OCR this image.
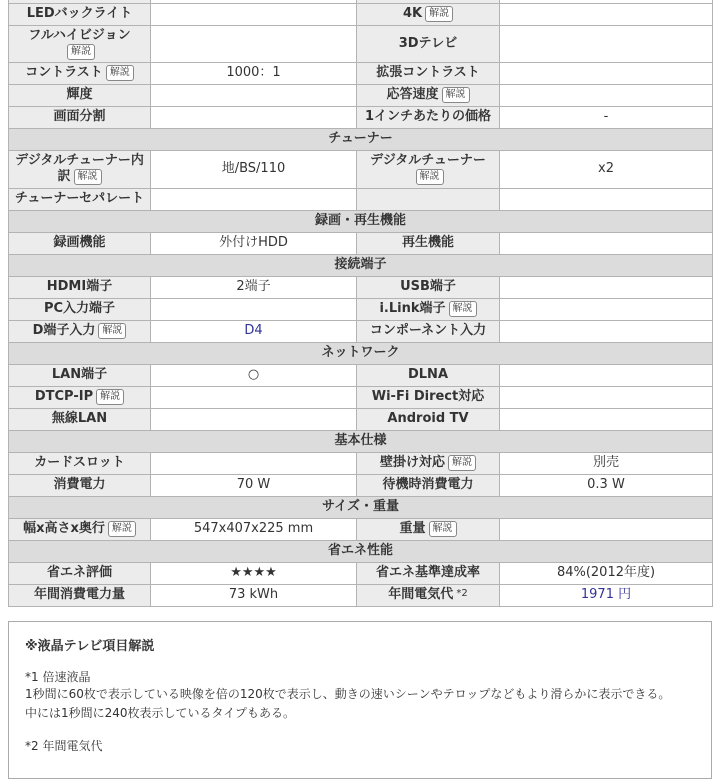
LEDバックライト		4K 解説	
フルハイビジョン解説		3Dテレビ	
コントラスト 解説	1000：1	拡張コントラスト	
輝度		応答速度 解説	
画面分割		1インチあたりの価格	-
チューナー			
デジタルチューナー内訳 解説	地/BS/110	デジタルチューナー解説	x2
チューナーセパレート			
録画・再生機能			
録画機能	外付けHDD	再生機能	
接続端子			
HDMI端子	2端子	USB端子	
PC入力端子		i.Link端子 解説	
D端子入力 解説	D4	コンポーネント入力	
ネットワーク			
LAN端子	○	DLNA	
DTCP-IP 解説		Wi-Fi Direct対応	
無線LAN		Android TV	
基本仕様			
カードスロット		壁掛け対応 解説	別売
消費電力	70 W	待機時消費電力	0.3 W
サイズ・重量			
幅x高さx奥行 解説	547x407x225 mm	重量 解説	
省エネ性能			
省エネ評価	★★★★	省エネ基準達成率	84%(2012年度)
年間消費電力量	73 kWh	年間電気代 $^{*2}$	1971 円
※液晶テレビ項目解説
*1 倍速液晶
1秒間に60枚で表示している映像を倍の120枚で表示し、動きの速いシーンやテロップなどもより滑らかに表示できる。
中には1秒間に240枚表示しているタイプもある。
*2 年間電気代
